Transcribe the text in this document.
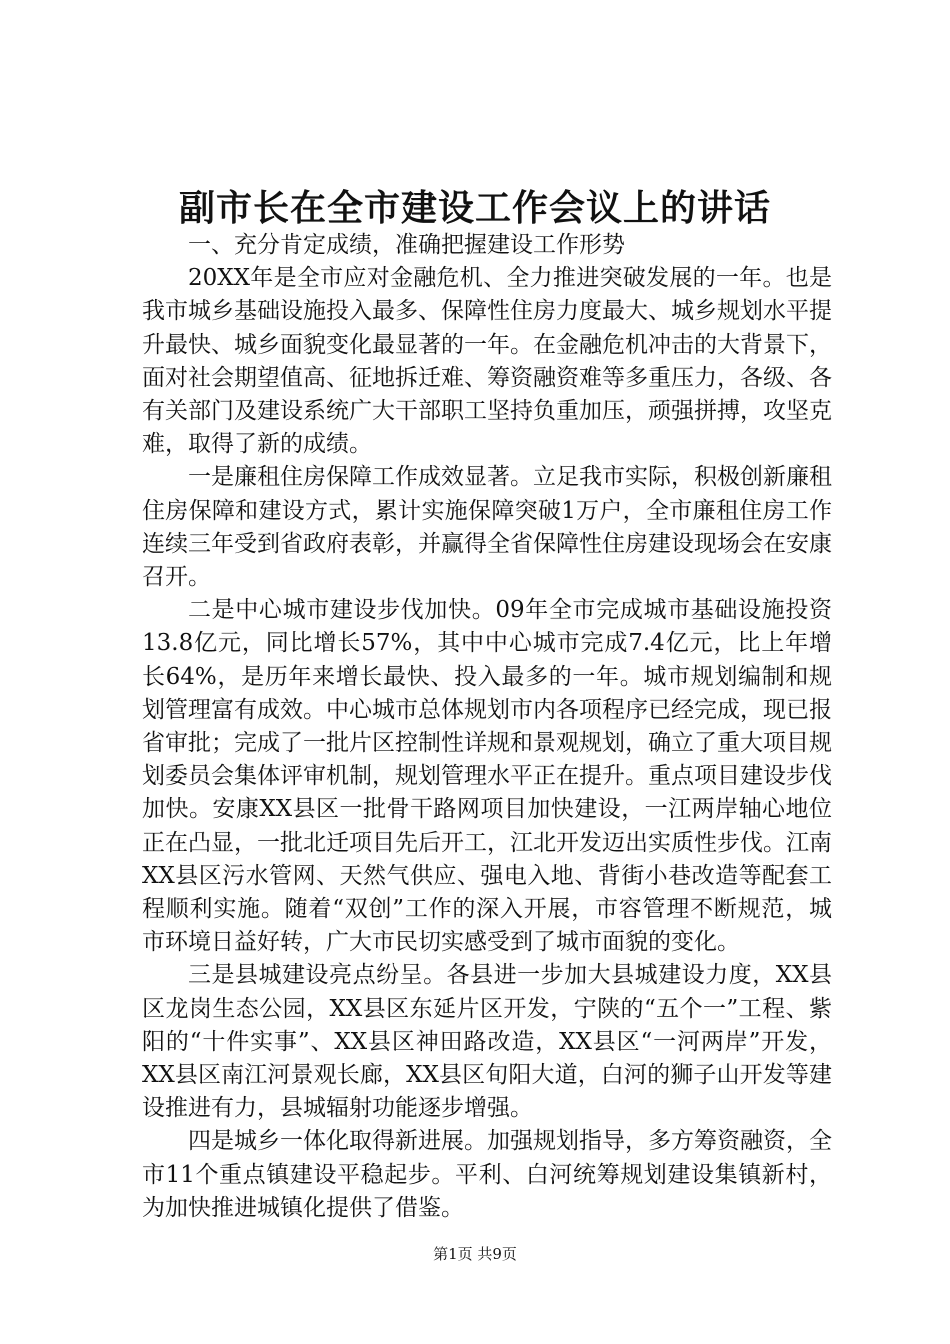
副市长在全市建设工作会议上的讲话

一、充分肯定成绩，准确把握建设工作形势

20XX年是全市应对金融危机、全力推进突破发展的一年。也是我市城乡基础设施投入最多、保障性住房力度最大、城乡规划水平提升最快、城乡面貌变化最显著的一年。在金融危机冲击的大背景下，面对社会期望值高、征地拆迁难、筹资融资难等多重压力，各级、各有关部门及建设系统广大干部职工坚持负重加压，顽强拼搏，攻坚克难，取得了新的成绩。

一是廉租住房保障工作成效显著。立足我市实际，积极创新廉租住房保障和建设方式，累计实施保障突破1万户，全市廉租住房工作连续三年受到省政府表彰，并赢得全省保障性住房建设现场会在安康召开。

二是中心城市建设步伐加快。09年全市完成城市基础设施投资13.8亿元，同比增长57%，其中中心城市完成7.4亿元，比上年增长64%，是历年来增长最快、投入最多的一年。城市规划编制和规划管理富有成效。中心城市总体规划市内各项程序已经完成，现已报省审批；完成了一批片区控制性详规和景观规划，确立了重大项目规划委员会集体评审机制，规划管理水平正在提升。重点项目建设步伐加快。安康XX县区一批骨干路网项目加快建设，一江两岸轴心地位正在凸显，一批北迁项目先后开工，江北开发迈出实质性步伐。江南XX县区污水管网、天然气供应、强电入地、背街小巷改造等配套工程顺利实施。随着“双创”工作的深入开展，市容管理不断规范，城市环境日益好转，广大市民切实感受到了城市面貌的变化。

三是县城建设亮点纷呈。各县进一步加大县城建设力度，XX县区龙岗生态公园，XX县区东延片区开发，宁陕的“五个一”工程、紫阳的“十件实事”、XX县区神田路改造，XX县区“一河两岸”开发，XX县区南江河景观长廊，XX县区旬阳大道，白河的狮子山开发等建设推进有力，县城辐射功能逐步增强。

四是城乡一体化取得新进展。加强规划指导，多方筹资融资，全市11个重点镇建设平稳起步。平利、白河统筹规划建设集镇新村，为加快推进城镇化提供了借鉴。

第1页 共9页
